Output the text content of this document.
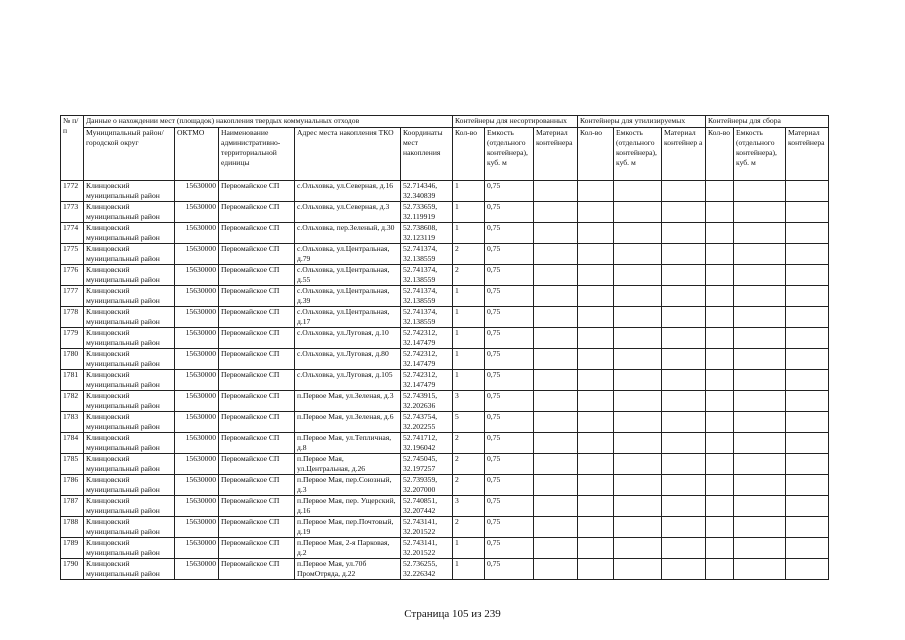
№ п/п	Данные о нахождении мест (площадок) накопления твердых коммунальных отходов					Контейнеры для несортированных			Контейнеры для утилизируемых			Контейнеры для сбора		
	Муниципальный район/городской округ	ОКТМО	Наименование административно-территориальной единицы	Адрес места накопления ТКО	Координаты мест накопления	Кол-во	Емкость (отдельного контейнера), куб. м	Материал контейнера	Кол-во	Емкость (отдельного контейнера), куб. м	Материал контейнер а	Кол-во	Емкость (отдельного контейнера), куб. м	Материал контейнера
1772	Клинцовский муниципальный район	15630000	Первомайское СП	с.Ольховка, ул.Северная, д.16	52.714346, 32.340839	1	0,75							
1773	Клинцовский муниципальный район	15630000	Первомайское СП	с.Ольховка, ул.Северная, д.3	52.733659, 32.119919	1	0,75							
1774	Клинцовский муниципальный район	15630000	Первомайское СП	с.Ольховка, пер.Зеленый, д.30	52.738608, 32.123119	1	0,75							
1775	Клинцовский муниципальный район	15630000	Первомайское СП	с.Ольховка, ул.Центральная, д.79	52.741374, 32.138559	2	0,75							
1776	Клинцовский муниципальный район	15630000	Первомайское СП	с.Ольховка, ул.Центральная, д.55	52.741374, 32.138559	2	0,75							
1777	Клинцовский муниципальный район	15630000	Первомайское СП	с.Ольховка, ул.Центральная, д.39	52.741374, 32.138559	1	0,75							
1778	Клинцовский муниципальный район	15630000	Первомайское СП	с.Ольховка, ул.Центральная, д.17	52.741374, 32.138559	1	0,75							
1779	Клинцовский муниципальный район	15630000	Первомайское СП	с.Ольховка, ул.Луговая, д.10	52.742312, 32.147479	1	0,75							
1780	Клинцовский муниципальный район	15630000	Первомайское СП	с.Ольховка, ул.Луговая, д.80	52.742312, 32.147479	1	0,75							
1781	Клинцовский муниципальный район	15630000	Первомайское СП	с.Ольховка, ул.Луговая, д.105	52.742312, 32.147479	1	0,75							
1782	Клинцовский муниципальный район	15630000	Первомайское СП	п.Первое Мая, ул.Зеленая, д.3	52.743915, 32.202636	3	0,75							
1783	Клинцовский муниципальный район	15630000	Первомайское СП	п.Первое Мая, ул.Зеленая, д.6	52.743754, 32.202255	5	0,75							
1784	Клинцовский муниципальный район	15630000	Первомайское СП	п.Первое Мая, ул.Тепличная, д.8	52.741712, 32.196042	2	0,75							
1785	Клинцовский муниципальный район	15630000	Первомайское СП	п.Первое Мая, ул.Центральная, д.26	52.745045, 32.197257	2	0,75							
1786	Клинцовский муниципальный район	15630000	Первомайское СП	п.Первое Мая, пер.Союзный, д.3	52.739359, 32.207000	2	0,75							
1787	Клинцовский муниципальный район	15630000	Первомайское СП	п.Первое Мая, пер. Ущерский, д.16	52.740851, 32.207442	3	0,75							
1788	Клинцовский муниципальный район	15630000	Первомайское СП	п.Первое Мая, пер.Почтовый, д.19	52.743141, 32.201522	2	0,75							
1789	Клинцовский муниципальный район	15630000	Первомайское СП	п.Первое Мая, 2-я Парковая, д.2	52.743141, 32.201522	1	0,75							
1790	Клинцовский муниципальный район	15630000	Первомайское СП	п.Первое Мая, ул.70б ПромОтряда, д.22	52.736255, 32.226342	1	0,75							
Страница 105 из 239
